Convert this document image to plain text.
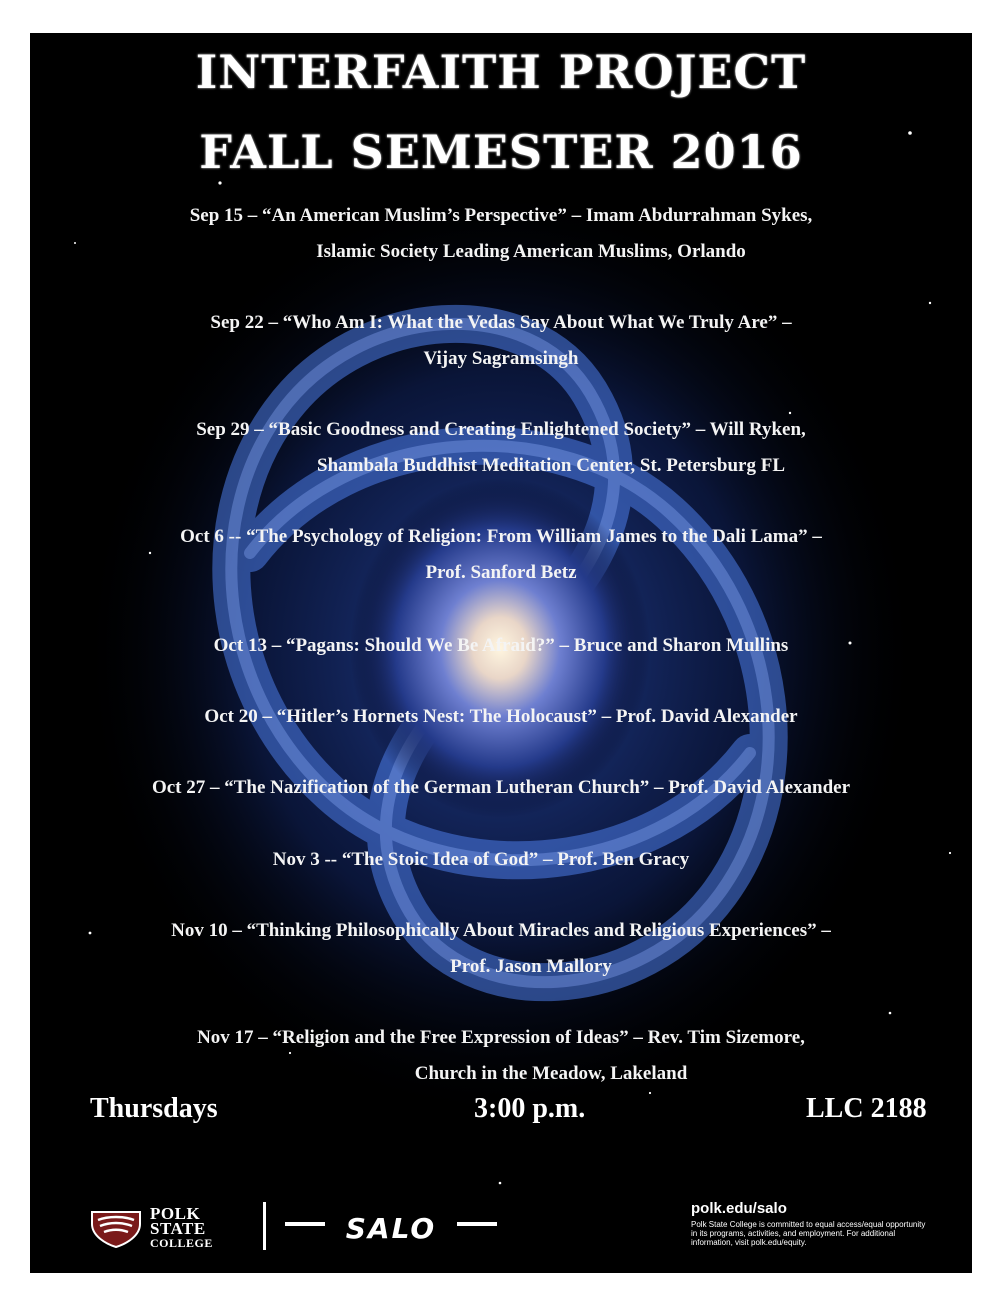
INTERFAITH PROJECT
FALL SEMESTER 2016
Sep 15 – “An American Muslim’s Perspective” – Imam Abdurrahman Sykes,
Islamic Society Leading American Muslims, Orlando
Sep 22 – “Who Am I: What the Vedas Say About What We Truly Are” –
Vijay Sagramsingh
Sep 29 – “Basic Goodness and Creating Enlightened Society” – Will Ryken,
Shambala Buddhist Meditation Center, St. Petersburg FL
Oct 6 -- “The Psychology of Religion: From William James to the Dali Lama” –
Prof. Sanford Betz
Oct 13 – “Pagans: Should We Be Afraid?” – Bruce and Sharon Mullins
Oct 20 – “Hitler’s Hornets Nest: The Holocaust” – Prof. David Alexander
Oct 27 – “The Nazification of the German Lutheran Church” – Prof. David Alexander
Nov 3 -- “The Stoic Idea of God” – Prof. Ben Gracy
Nov 10 – “Thinking Philosophically About Miracles and Religious Experiences” –
Prof. Jason Mallory
Nov 17 – “Religion and the Free Expression of Ideas” – Rev. Tim Sizemore,
Church in the Meadow, Lakeland
Thursdays	3:00 p.m.	LLC 2188
POLK
STATE
COLLEGE	SALO
polk.edu/salo
Polk State College is committed to equal access/equal opportunity in its programs, activities, and employment. For additional information, visit polk.edu/equity.
